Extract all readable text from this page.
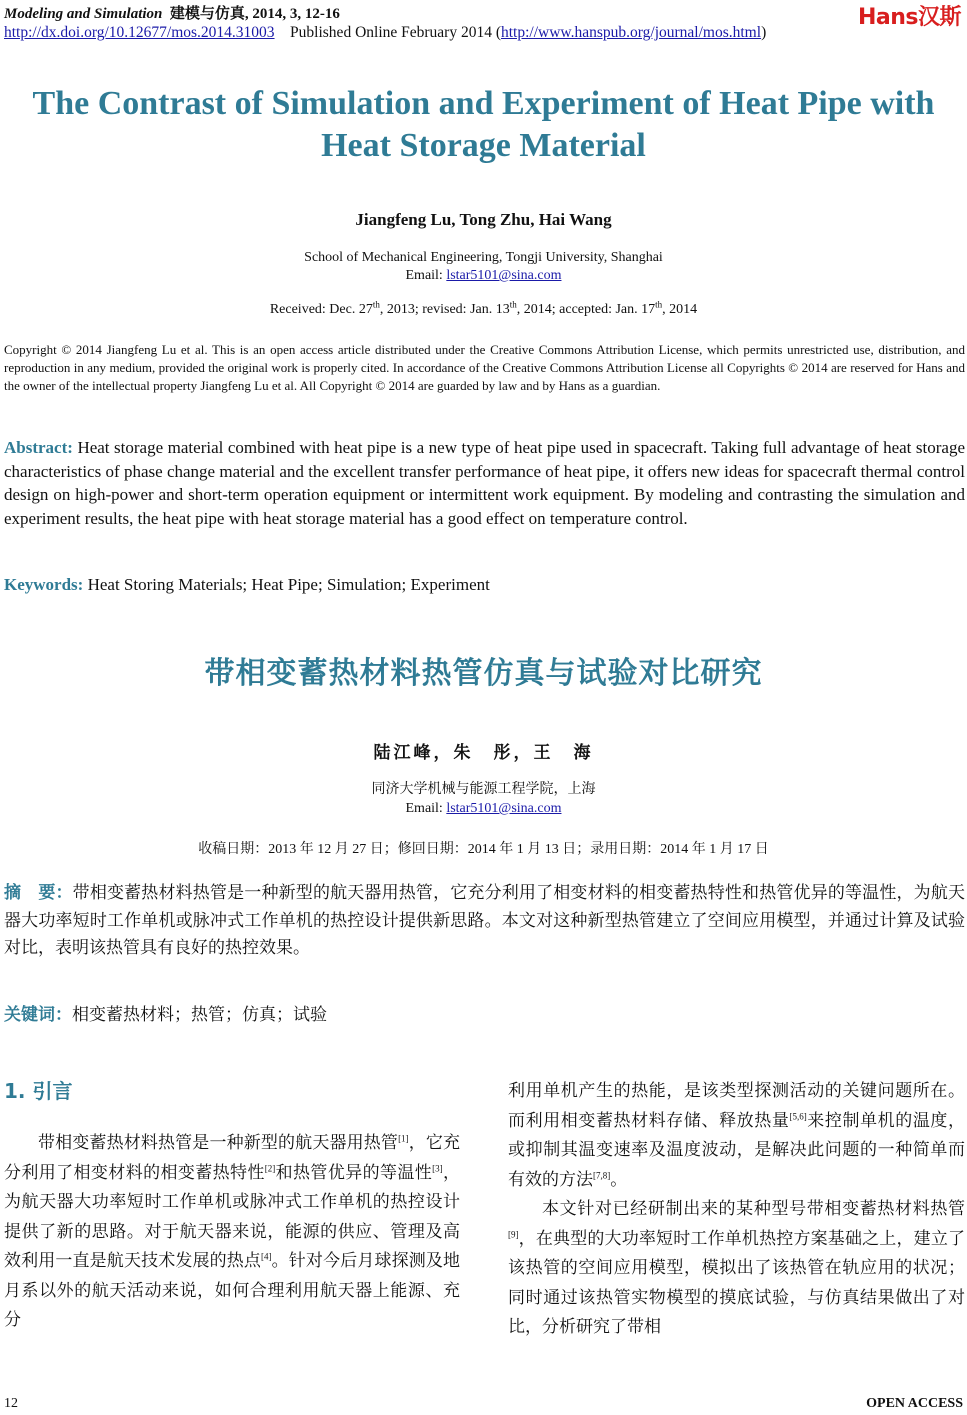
Modeling and Simulation 建模与仿真, 2014, 3, 12-16	Hans汉斯
http://dx.doi.org/10.12677/mos.2014.31003 Published Online February 2014 (http://www.hanspub.org/journal/mos.html)
The Contrast of Simulation and Experiment of Heat Pipe with Heat Storage Material
Jiangfeng Lu, Tong Zhu, Hai Wang
School of Mechanical Engineering, Tongji University, Shanghai
Email: lstar5101@sina.com
Received: Dec. 27th, 2013; revised: Jan. 13th, 2014; accepted: Jan. 17th, 2014
Copyright © 2014 Jiangfeng Lu et al. This is an open access article distributed under the Creative Commons Attribution License, which permits unrestricted use, distribution, and reproduction in any medium, provided the original work is properly cited. In accordance of the Creative Commons Attribution License all Copyrights © 2014 are reserved for Hans and the owner of the intellectual property Jiangfeng Lu et al. All Copyright © 2014 are guarded by law and by Hans as a guardian.
Abstract: Heat storage material combined with heat pipe is a new type of heat pipe used in spacecraft. Taking full advantage of heat storage characteristics of phase change material and the excellent transfer performance of heat pipe, it offers new ideas for spacecraft thermal control design on high-power and short-term operation equipment or intermittent work equipment. By modeling and contrasting the simulation and experiment results, the heat pipe with heat storage material has a good effect on temperature control.
Keywords: Heat Storing Materials; Heat Pipe; Simulation; Experiment
带相变蓄热材料热管仿真与试验对比研究
陆江峰，朱　彤，王　海
同济大学机械与能源工程学院，上海
Email: lstar5101@sina.com
收稿日期：2013 年 12 月 27 日；修回日期：2014 年 1 月 13 日；录用日期：2014 年 1 月 17 日
摘　要：带相变蓄热材料热管是一种新型的航天器用热管，它充分利用了相变材料的相变蓄热特性和热管优异的等温性，为航天器大功率短时工作单机或脉冲式工作单机的热控设计提供新思路。本文对这种新型热管建立了空间应用模型，并通过计算及试验对比，表明该热管具有良好的热控效果。
关键词：相变蓄热材料；热管；仿真；试验
1. 引言
带相变蓄热材料热管是一种新型的航天器用热管[1]，它充分利用了相变材料的相变蓄热特性[2]和热管优异的等温性[3]，为航天器大功率短时工作单机或脉冲式工作单机的热控设计提供了新的思路。对于航天器来说，能源的供应、管理及高效利用一直是航天技术发展的热点[4]。针对今后月球探测及地月系以外的航天活动来说，如何合理利用航天器上能源、充分
利用单机产生的热能，是该类型探测活动的关键问题所在。而利用相变蓄热材料存储、释放热量[5,6]来控制单机的温度，或抑制其温变速率及温度波动，是解决此问题的一种简单而有效的方法[7,8]。
本文针对已经研制出来的某种型号带相变蓄热材料热管[9]，在典型的大功率短时工作单机热控方案基础之上，建立了该热管的空间应用模型，模拟出了该热管在轨应用的状况；同时通过该热管实物模型的摸底试验，与仿真结果做出了对比，分析研究了带相
12	OPEN ACCESS
